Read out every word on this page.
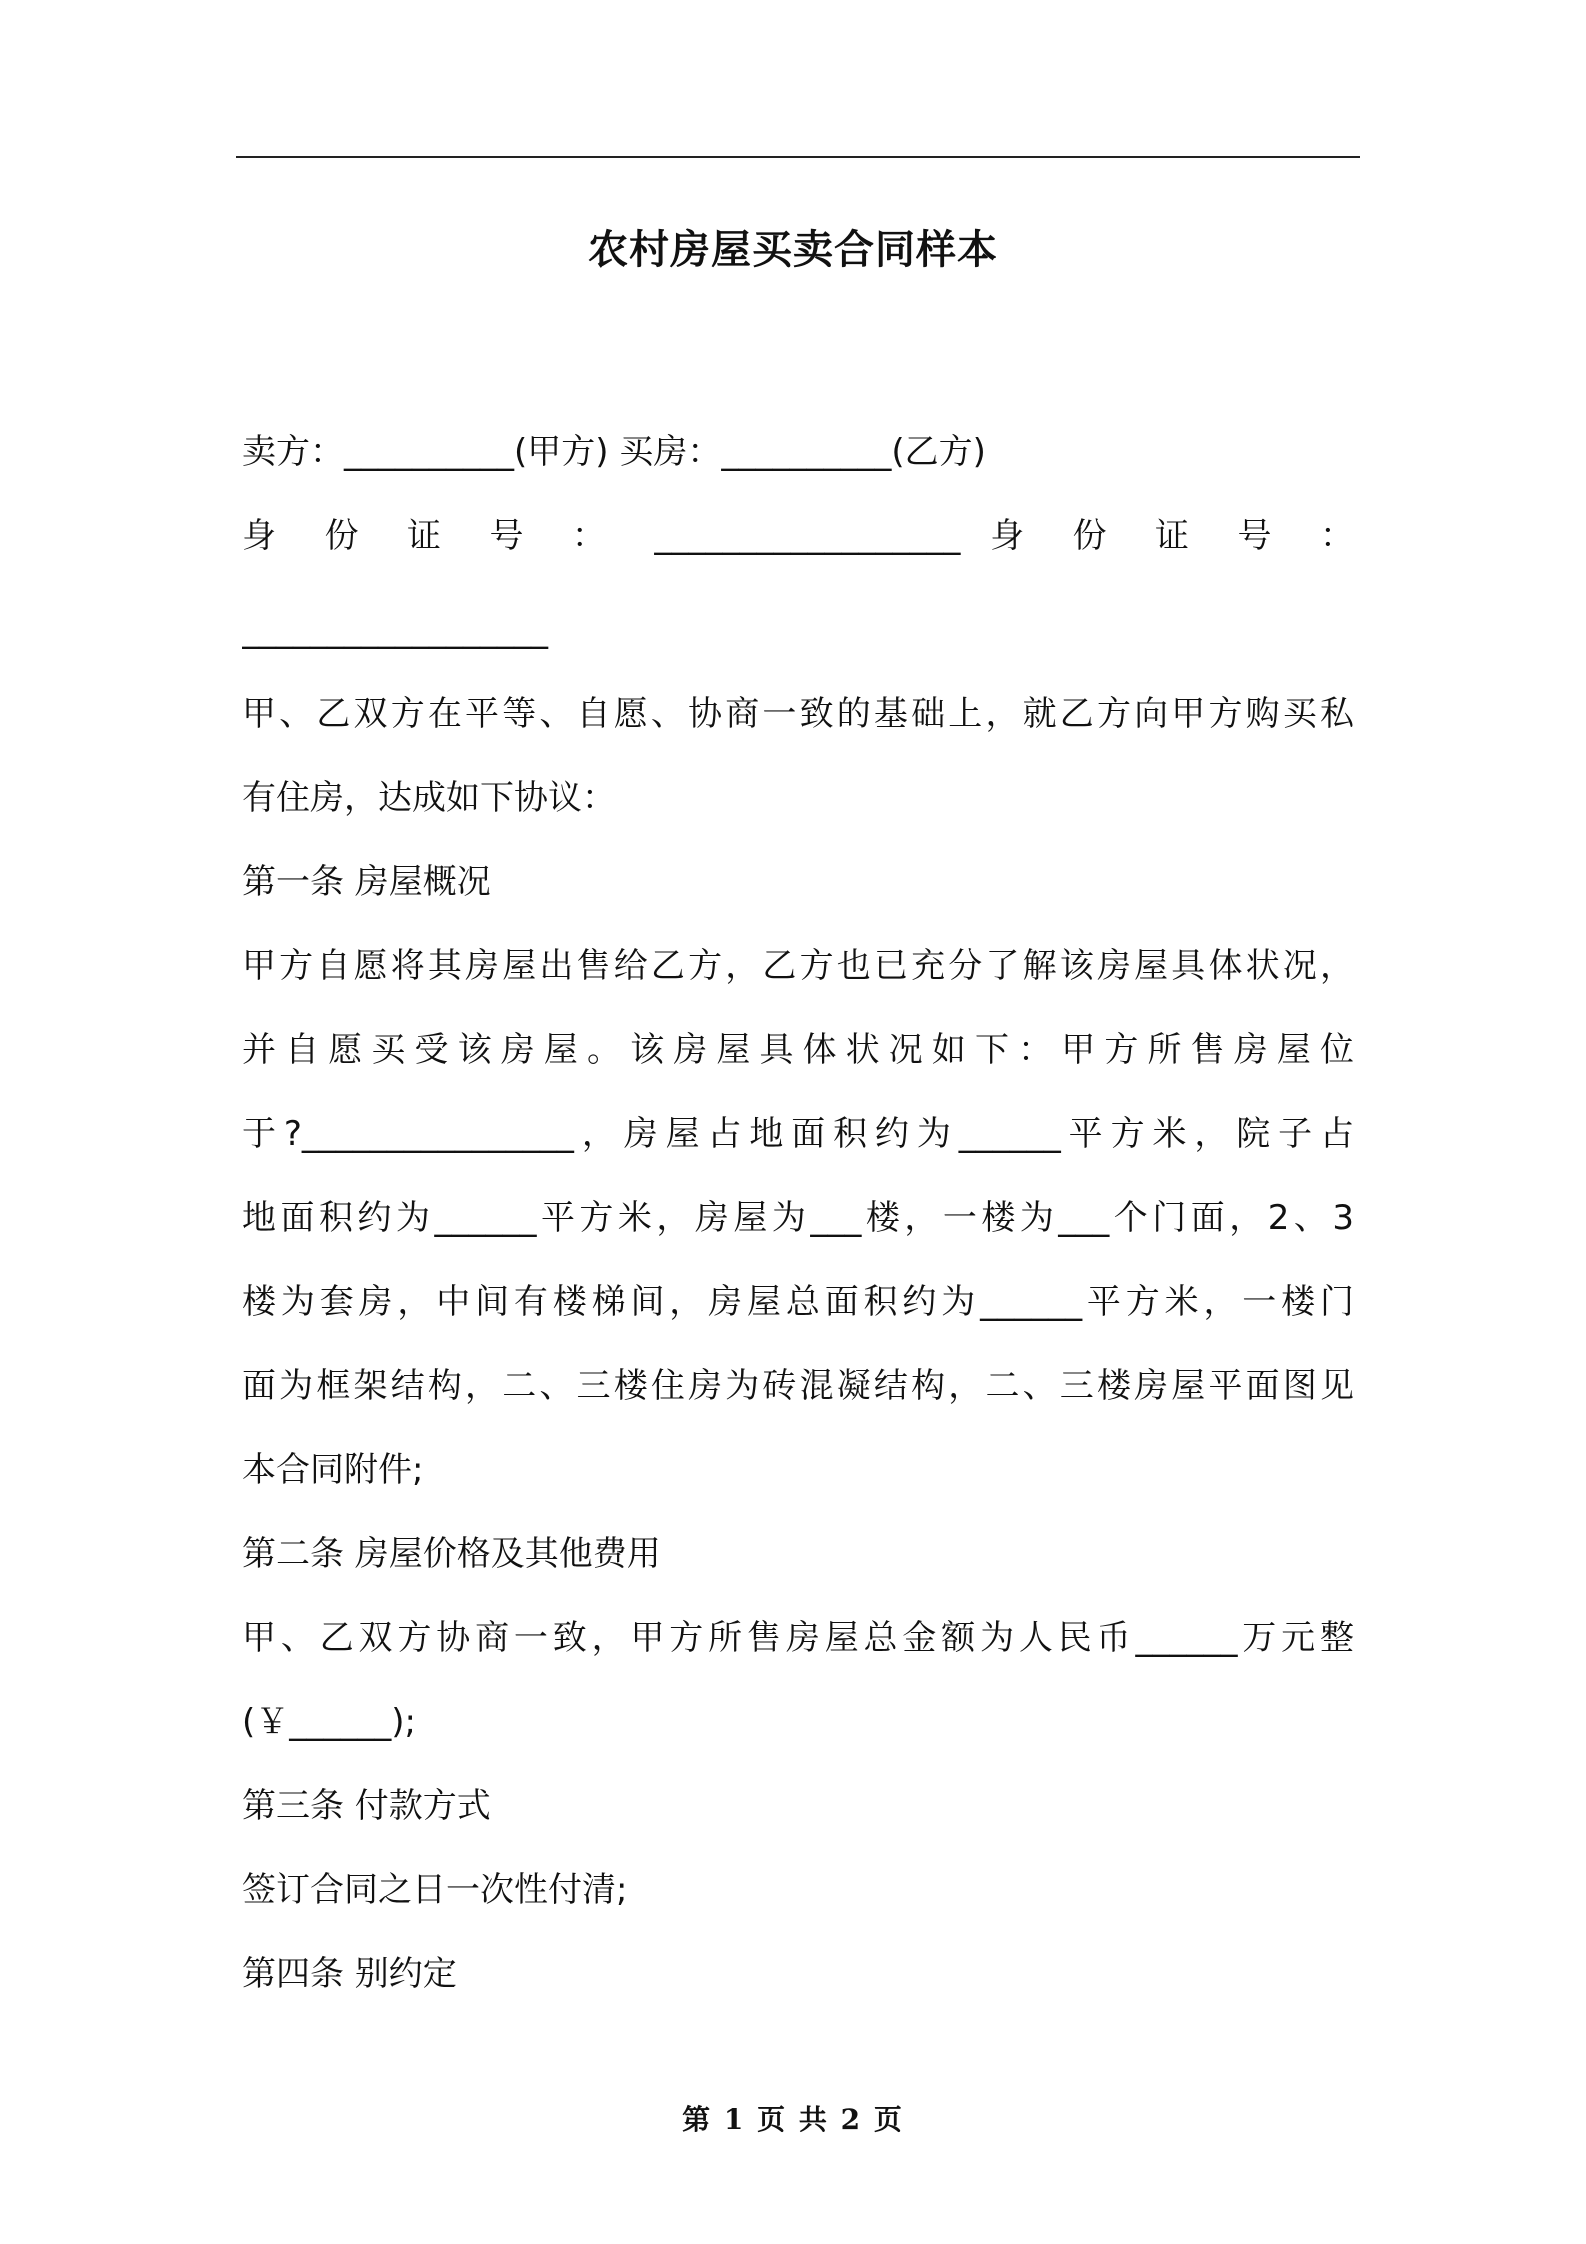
农村房屋买卖合同样本

卖方：__________(甲方) 买房：__________(乙方)

身 份 证 号 ： __________________ 身 份 证 号 ：

__________________

甲、乙双方在平等、自愿、协商一致的基础上，就乙方向甲方购买私

有住房，达成如下协议：

第一条 房屋概况

甲方自愿将其房屋出售给乙方，乙方也已充分了解该房屋具体状况，

并自愿买受该房屋。该房屋具体状况如下：甲方所售房屋位

于?________________，房屋占地面积约为______平方米，院子占

地面积约为______平方米，房屋为___楼，一楼为___个门面，2、3

楼为套房，中间有楼梯间，房屋总面积约为______平方米，一楼门

面为框架结构，二、三楼住房为砖混凝结构，二、三楼房屋平面图见

本合同附件;

第二条 房屋价格及其他费用

甲、乙双方协商一致，甲方所售房屋总金额为人民币______万元整

(￥______);

第三条 付款方式

签订合同之日一次性付清;

第四条 别约定

第 1 页 共 2 页
